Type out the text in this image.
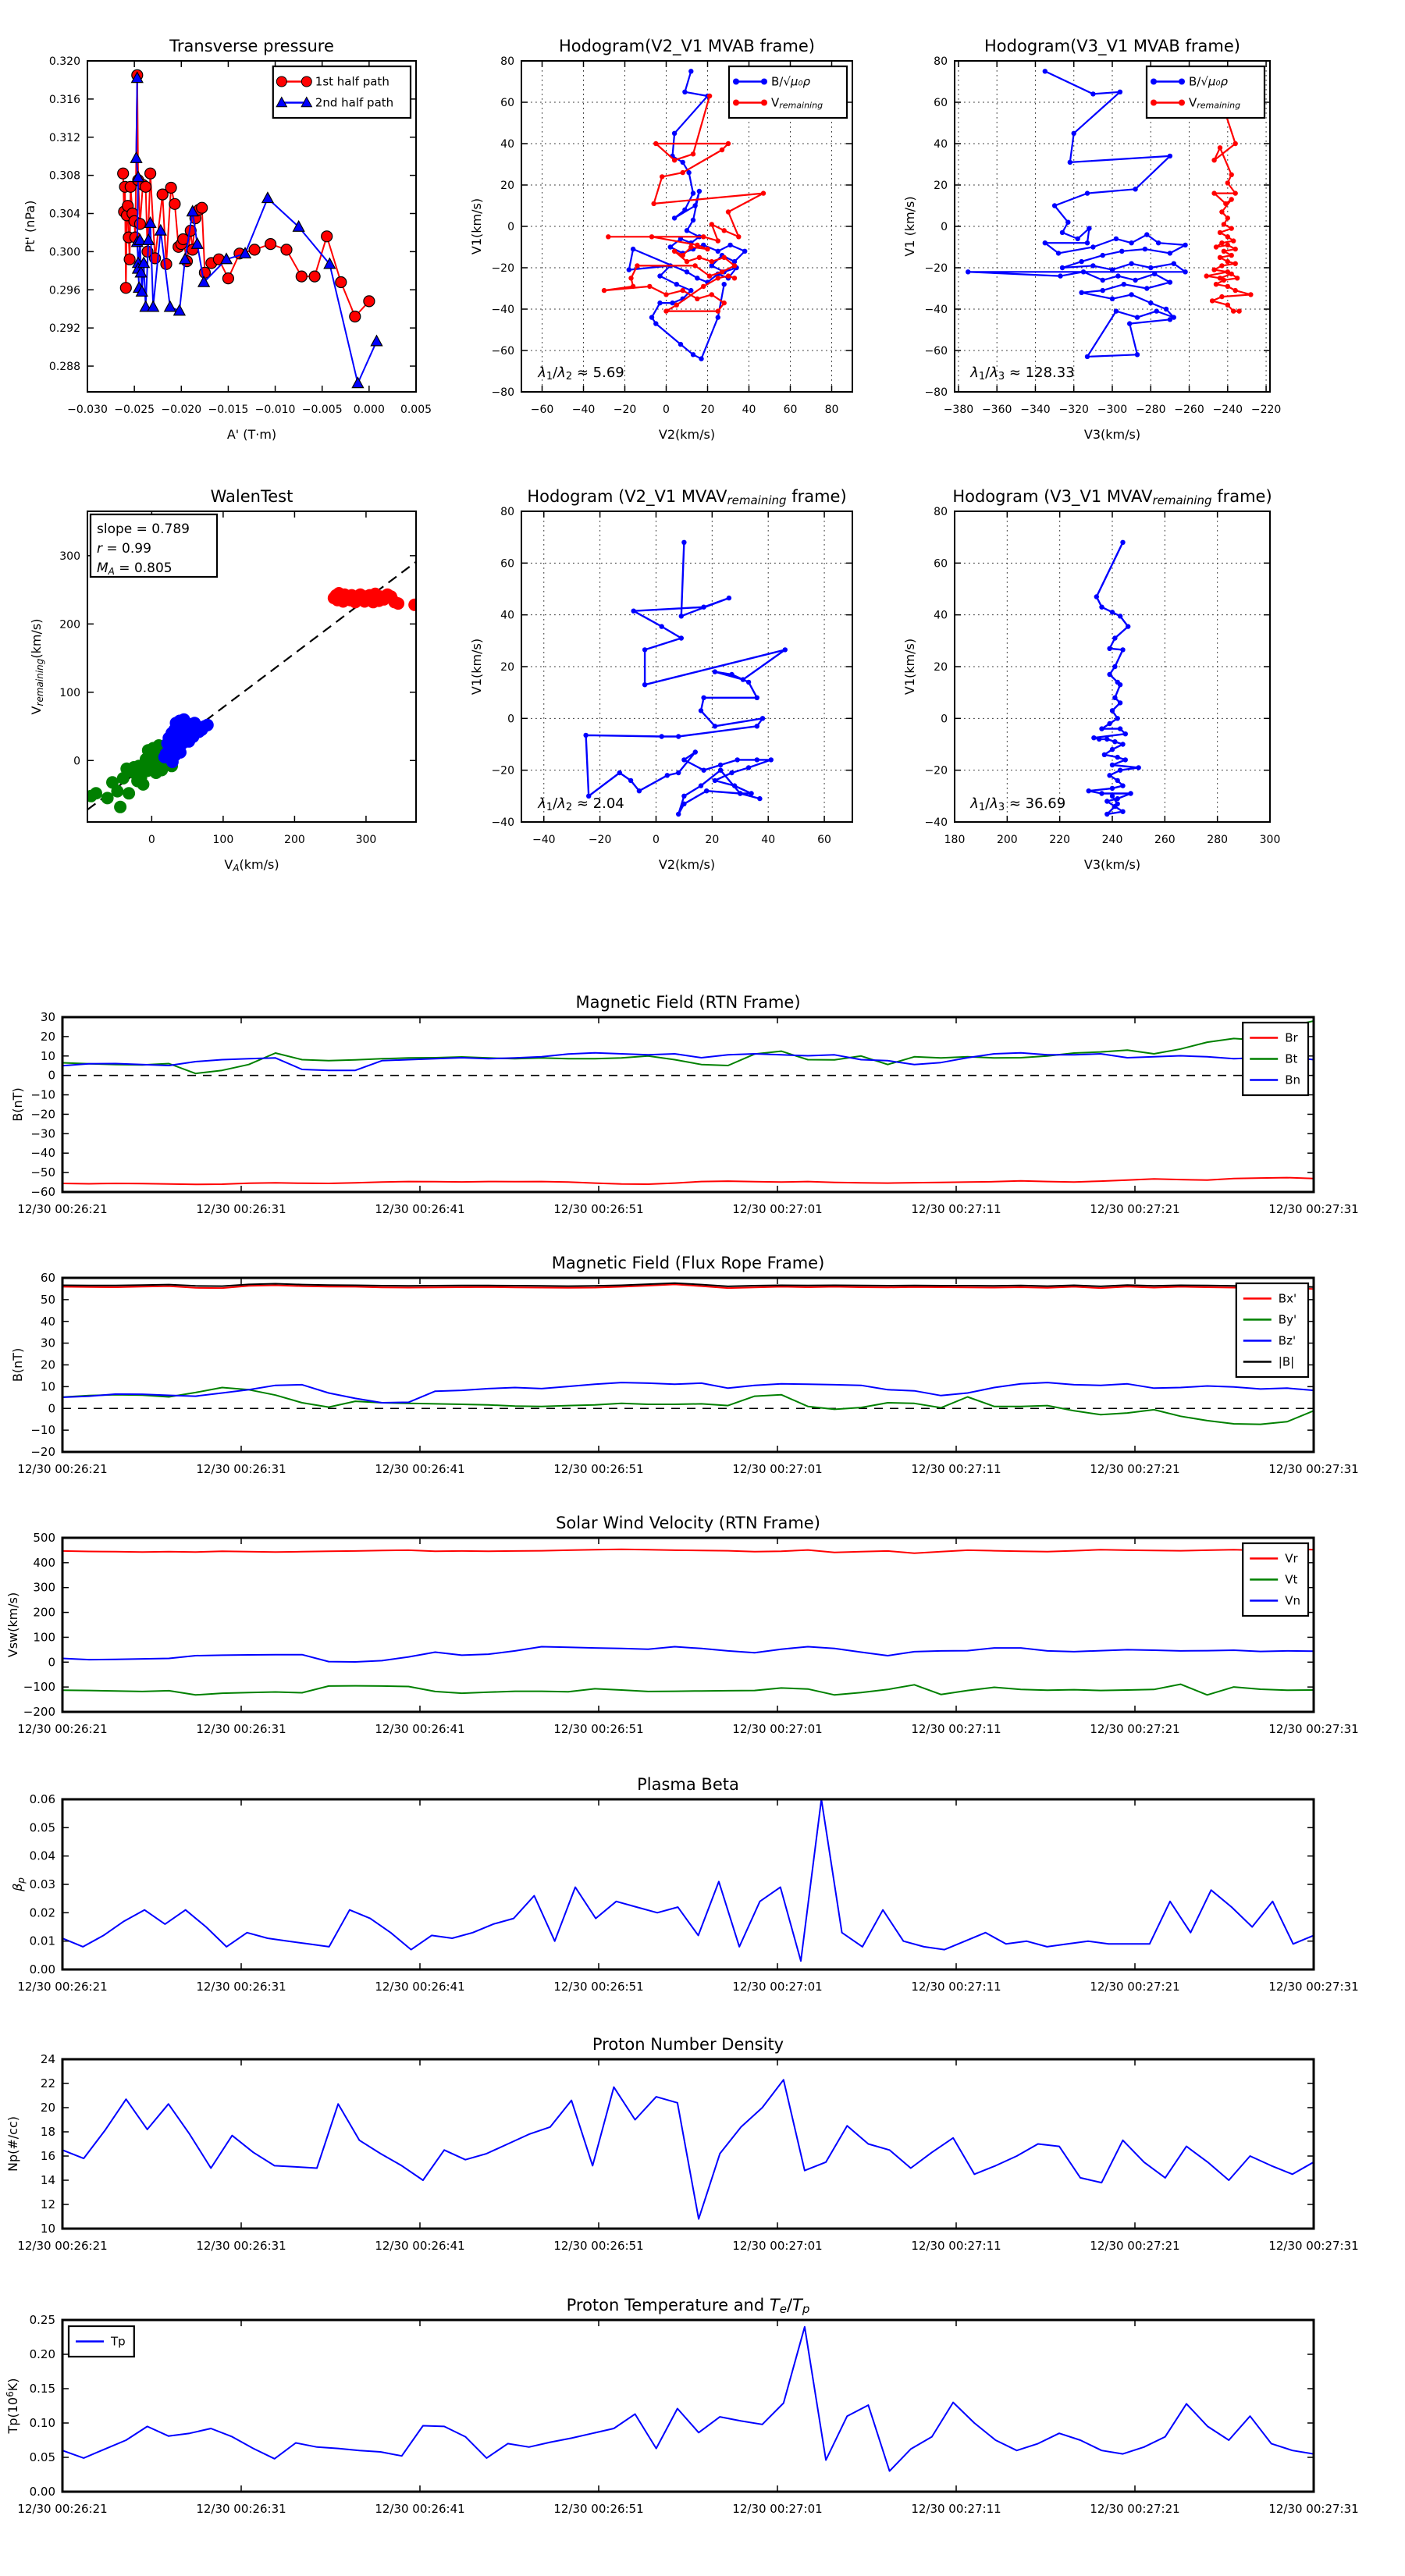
−0.030 −0.025 −0.020 −0.015 −0.010 −0.005 0.000 0.005
0.288
0.292
0.296
0.300
0.304
0.308
0.312
0.316
0.320
Transverse pressure
A' (T·m)
Pt' (nPa)
1st half path
2nd half path
−60 −40 −20 0	20	40	60	80
−80
−60
−40
−20
0
20
40
60
80
Hodogram(V2_V1 MVAB frame)
V2(km/s)
V1(km/s)
λ1/λ2 ≈ 5.69
B/√μ₀ρ
Vremaining
−380 −360 −340 −320 −300 −280 −260 −240 −220
−80
−60
−40
−20
0
20
40
60
80
Hodogram(V3_V1 MVAB frame)
V3(km/s)
V1 (km/s)
λ1/λ3 ≈ 128.33
B/√μ₀ρ
Vremaining
0	100	200	300
0
100
200
300
WalenTest
VA(km/s)
Vremaining(km/s)
slope = 0.789
r = 0.99
MA = 0.805
−40	−20	0	20	40	60
−40
−20
0
20
40
60
80
Hodogram (V2_V1 MVAVremaining frame)
V2(km/s)
V1(km/s)
λ1/λ2 ≈ 2.04
180	200	220	240	260	280	300
−40
−20
0
20
40
60
80
Hodogram (V3_V1 MVAVremaining frame)
V3(km/s)
V1(km/s)
λ1/λ3 ≈ 36.69
12/30 00:26:21	12/30 00:26:31	12/30 00:26:41	12/30 00:26:51	12/30 00:27:01	12/30 00:27:11	12/30 00:27:21	12/30 00:27:31
30
20
10
0
−10
−20
−30
−40
−50
−60
Magnetic Field (RTN Frame)
B(nT)
Br
Bt
Bn
12/30 00:26:21	12/30 00:26:31	12/30 00:26:41	12/30 00:26:51	12/30 00:27:01	12/30 00:27:11	12/30 00:27:21	12/30 00:27:31
60
50
40
30
20
10
0
−10
−20
Magnetic Field (Flux Rope Frame)
B(nT)
Bx'
By'
Bz'
|B|
12/30 00:26:21	12/30 00:26:31	12/30 00:26:41	12/30 00:26:51	12/30 00:27:01	12/30 00:27:11	12/30 00:27:21	12/30 00:27:31
500
400
300
200
100
0
−100
−200
Solar Wind Velocity (RTN Frame)
Vsw(km/s)
Vr
Vt
Vn
12/30 00:26:21	12/30 00:26:31	12/30 00:26:41	12/30 00:26:51	12/30 00:27:01	12/30 00:27:11	12/30 00:27:21	12/30 00:27:31
0.00
0.01
0.02
0.03
0.04
0.05
0.06
Plasma Beta
βp
12/30 00:26:21	12/30 00:26:31	12/30 00:26:41	12/30 00:26:51	12/30 00:27:01	12/30 00:27:11	12/30 00:27:21	12/30 00:27:31
24
22
20
18
16
14
12
10
Proton Number Density
Np(#/cc)
12/30 00:26:21	12/30 00:26:31	12/30 00:26:41	12/30 00:26:51	12/30 00:27:01	12/30 00:27:11	12/30 00:27:21	12/30 00:27:31
0.00
0.05
0.10
0.15
0.20
0.25
Proton Temperature and Te/Tp
Tp(106K)
Tp
